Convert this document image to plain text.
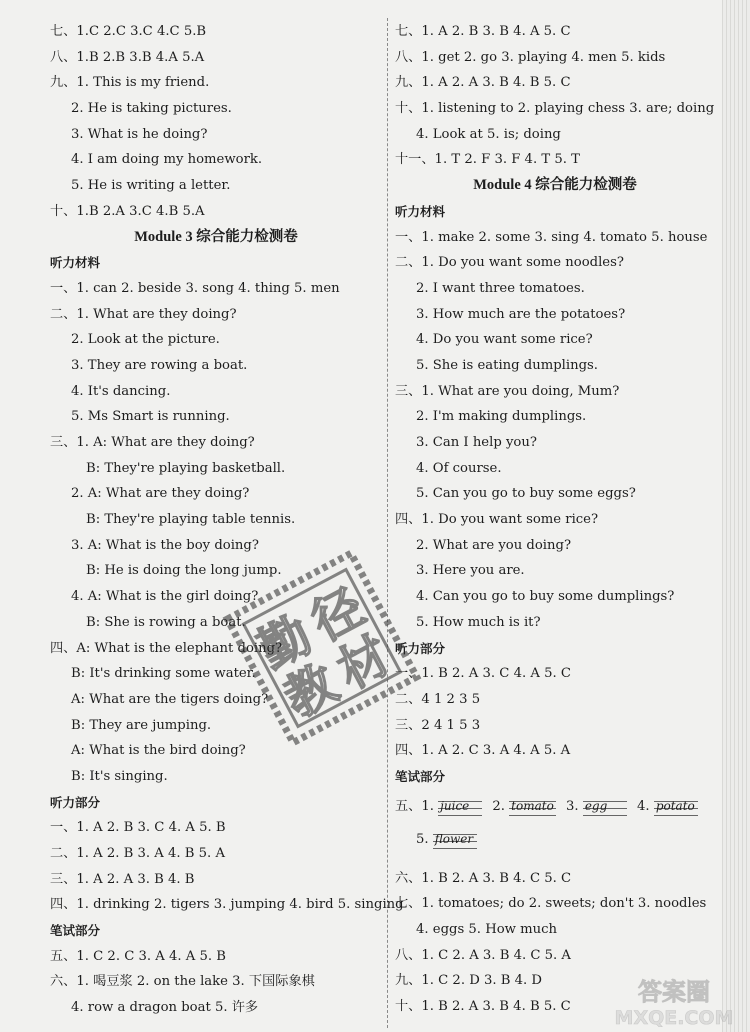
七、1.C 2.C 3.C 4.C 5.B
八、1.B 2.B 3.B 4.A 5.A
九、1. This is my friend.
2. He is taking pictures.
3. What is he doing?
4. I am doing my homework.
5. He is writing a letter.
十、1.B 2.A 3.C 4.B 5.A
Module 3 综合能力检测卷
听力材料
一、1. can 2. beside 3. song 4. thing 5. men
二、1. What are they doing?
2. Look at the picture.
3. They are rowing a boat.
4. It's dancing.
5. Ms Smart is running.
三、1. A: What are they doing?
B: They're playing basketball.
2. A: What are they doing?
B: They're playing table tennis.
3. A: What is the boy doing?
B: He is doing the long jump.
4. A: What is the girl doing?
B: She is rowing a boat.
四、A: What is the elephant doing?
B: It's drinking some water.
A: What are the tigers doing?
B: They are jumping.
A: What is the bird doing?
B: It's singing.
听力部分
一、1. A 2. B 3. C 4. A 5. B
二、1. A 2. B 3. A 4. B 5. A
三、1. A 2. A 3. B 4. B
四、1. drinking 2. tigers 3. jumping 4. bird 5. singing
笔试部分
五、1. C 2. C 3. A 4. A 5. B
六、1. 喝豆浆 2. on the lake 3. 下国际象棋
4. row a dragon boat 5. 许多
七、1. A 2. B 3. B 4. A 5. C
八、1. get 2. go 3. playing 4. men 5. kids
九、1. A 2. A 3. B 4. B 5. C
十、1. listening to 2. playing chess 3. are; doing
4. Look at 5. is; doing
十一、1. T 2. F 3. F 4. T 5. T
Module 4 综合能力检测卷
听力材料
一、1. make 2. some 3. sing 4. tomato 5. house
二、1. Do you want some noodles?
2. I want three tomatoes.
3. How much are the potatoes?
4. Do you want some rice?
5. She is eating dumplings.
三、1. What are you doing, Mum?
2. I'm making dumplings.
3. Can I help you?
4. Of course.
5. Can you go to buy some eggs?
四、1. Do you want some rice?
2. What are you doing?
3. Here you are.
4. Can you go to buy some dumplings?
5. How much is it?
听力部分
一、1. B 2. A 3. C 4. A 5. C
二、4 1 2 3 5
三、2 4 1 5 3
四、1. A 2. C 3. A 4. A 5. A
笔试部分
五、1. juice 2. tomato 3. egg 4. potato
5. flower
六、1. B 2. A 3. B 4. C 5. C
七、1. tomatoes; do 2. sweets; don't 3. noodles
4. eggs 5. How much
八、1. C 2. A 3. B 4. C 5. A
九、1. C 2. D 3. B 4. D
十、1. B 2. A 3. B 4. B 5. C
勤
径
教
材
答案圈
MXQE.COM
